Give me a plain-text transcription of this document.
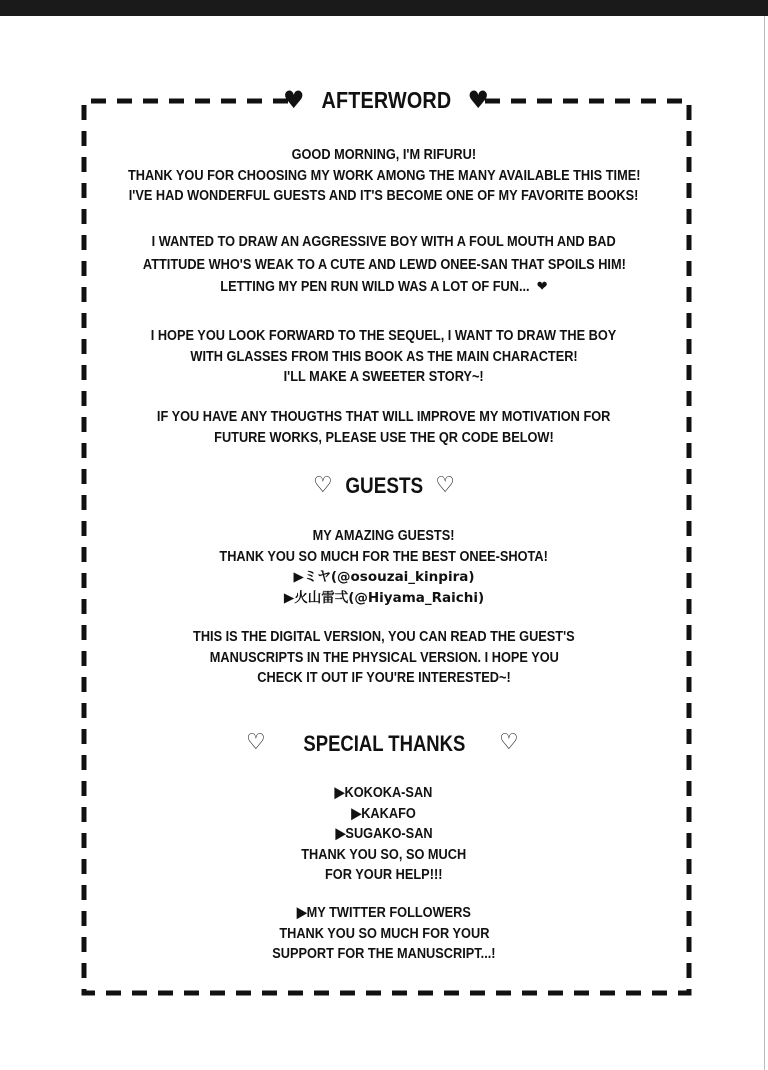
♥ AFTERWORD ♥
GOOD MORNING, I'M RIFURU!
THANK YOU FOR CHOOSING MY WORK AMONG THE MANY AVAILABLE THIS TIME!
I'VE HAD WONDERFUL GUESTS AND IT'S BECOME ONE OF MY FAVORITE BOOKS!
I WANTED TO DRAW AN AGGRESSIVE BOY WITH A FOUL MOUTH AND BAD
ATTITUDE WHO'S WEAK TO A CUTE AND LEWD ONEE-SAN THAT SPOILS HIM!
LETTING MY PEN RUN WILD WAS A LOT OF FUN... ❤
I HOPE YOU LOOK FORWARD TO THE SEQUEL, I WANT TO DRAW THE BOY
WITH GLASSES FROM THIS BOOK AS THE MAIN CHARACTER!
I'LL MAKE A SWEETER STORY~!
IF YOU HAVE ANY THOUGTHS THAT WILL IMPROVE MY MOTIVATION FOR
FUTURE WORKS, PLEASE USE THE QR CODE BELOW!
♡ GUESTS ♡
MY AMAZING GUESTS!
THANK YOU SO MUCH FOR THE BEST ONEE-SHOTA!
▶ミヤ(@osouzai_kinpira)
▶火山雷弌(@Hiyama_Raichi)
THIS IS THE DIGITAL VERSION, YOU CAN READ THE GUEST'S
MANUSCRIPTS IN THE PHYSICAL VERSION. I HOPE YOU
CHECK IT OUT IF YOU'RE INTERESTED~!
♡ SPECIAL THANKS ♡
▶KOKOKA-SAN
▶KAKAFO
▶SUGAKO-SAN
THANK YOU SO, SO MUCH
FOR YOUR HELP!!!
▶MY TWITTER FOLLOWERS
THANK YOU SO MUCH FOR YOUR
SUPPORT FOR THE MANUSCRIPT...!
